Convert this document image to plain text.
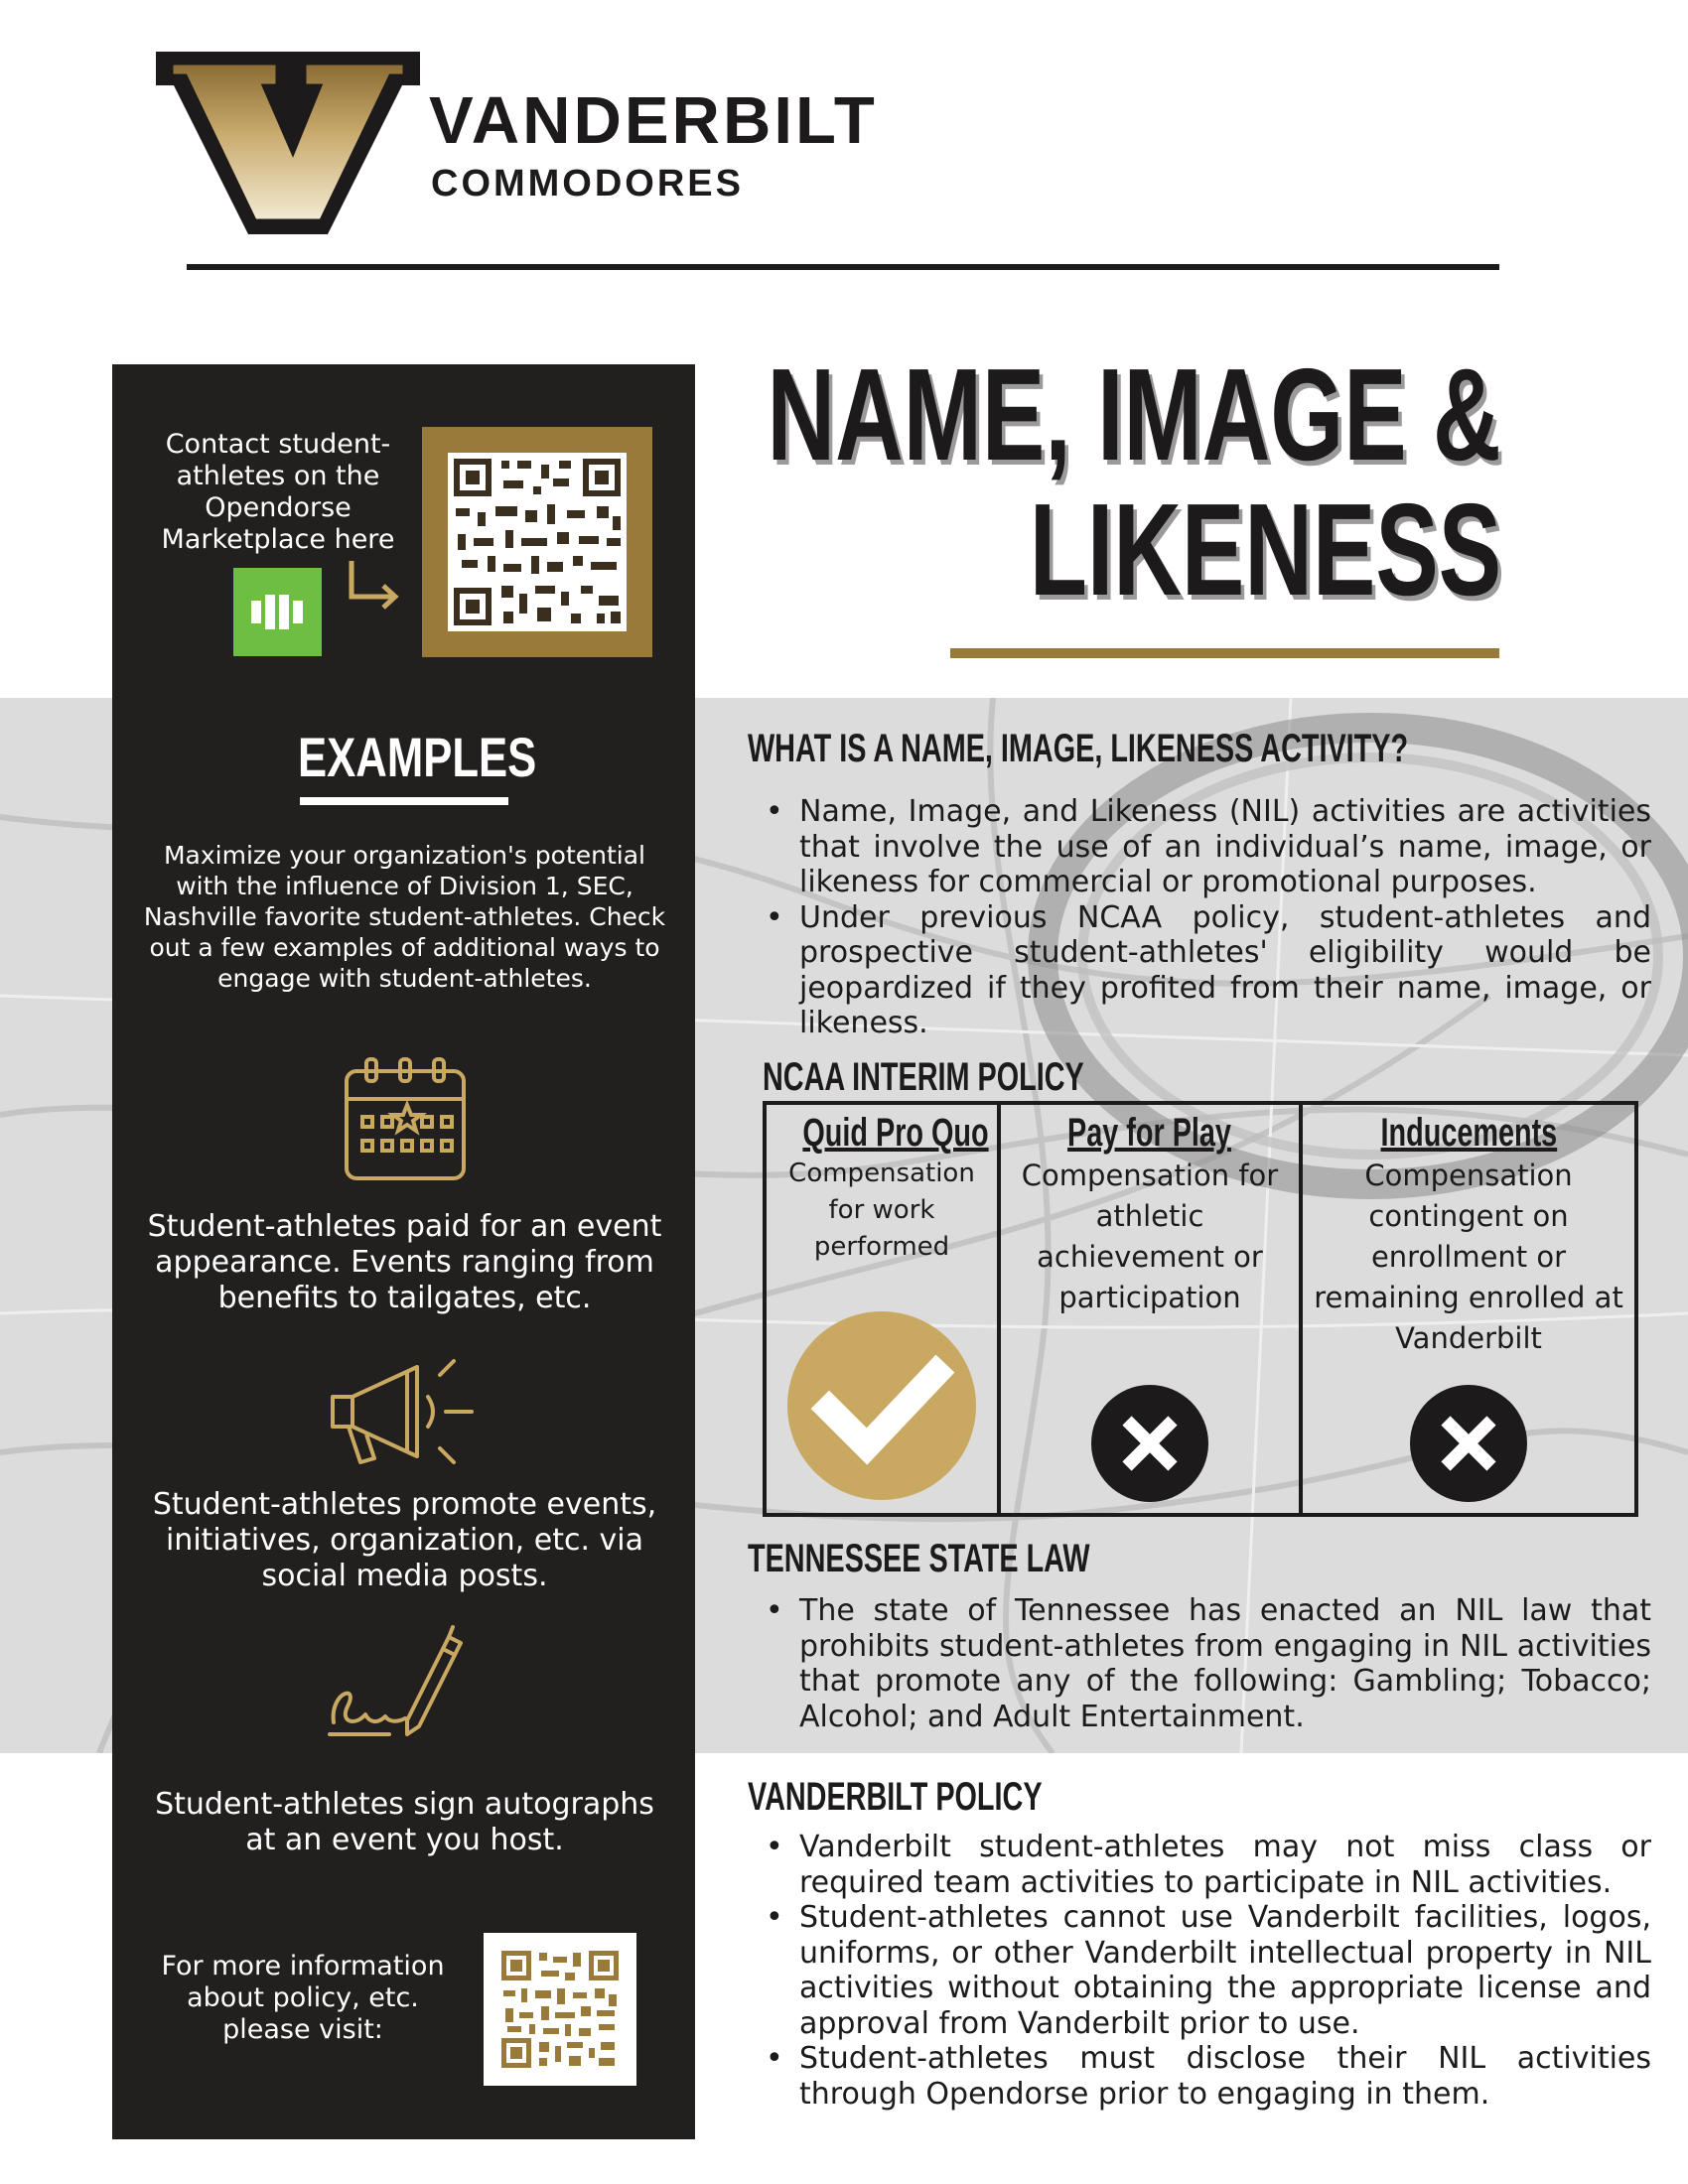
VANDERBILT
COMMODORES
Contact student-athletes on the Opendorse Marketplace here
EXAMPLES
Maximize your organization's potential with the influence of Division 1, SEC, Nashville favorite student-athletes. Check out a few examples of additional ways to engage with student-athletes.
Student-athletes paid for an event appearance. Events ranging from benefits to tailgates, etc.
Student-athletes promote events, initiatives, organization, etc. via social media posts.
Student-athletes sign autographs at an event you host.
For more information about policy, etc. please visit:
NAME, IMAGE &
LIKENESS
WHAT IS A NAME, IMAGE, LIKENESS ACTIVITY?
• Name, Image, and Likeness (NIL) activities are activities that involve the use of an individual’s name, image, or likeness for commercial or promotional purposes.
• Under previous NCAA policy, student-athletes and prospective student-athletes' eligibility would be jeopardized if they profited from their name, image, or likeness.
NCAA INTERIM POLICY
Quid Pro Quo
Compensation for work performed
Pay for Play
Compensation for athletic achievement or participation
Inducements
Compensation contingent on enrollment or remaining enrolled at Vanderbilt
TENNESSEE STATE LAW
• The state of Tennessee has enacted an NIL law that prohibits student-athletes from engaging in NIL activities that promote any of the following: Gambling; Tobacco; Alcohol; and Adult Entertainment.
VANDERBILT POLICY
• Vanderbilt student-athletes may not miss class or required team activities to participate in NIL activities.
• Student-athletes cannot use Vanderbilt facilities, logos, uniforms, or other Vanderbilt intellectual property in NIL activities without obtaining the appropriate license and approval from Vanderbilt prior to use.
• Student-athletes must disclose their NIL activities through Opendorse prior to engaging in them.
